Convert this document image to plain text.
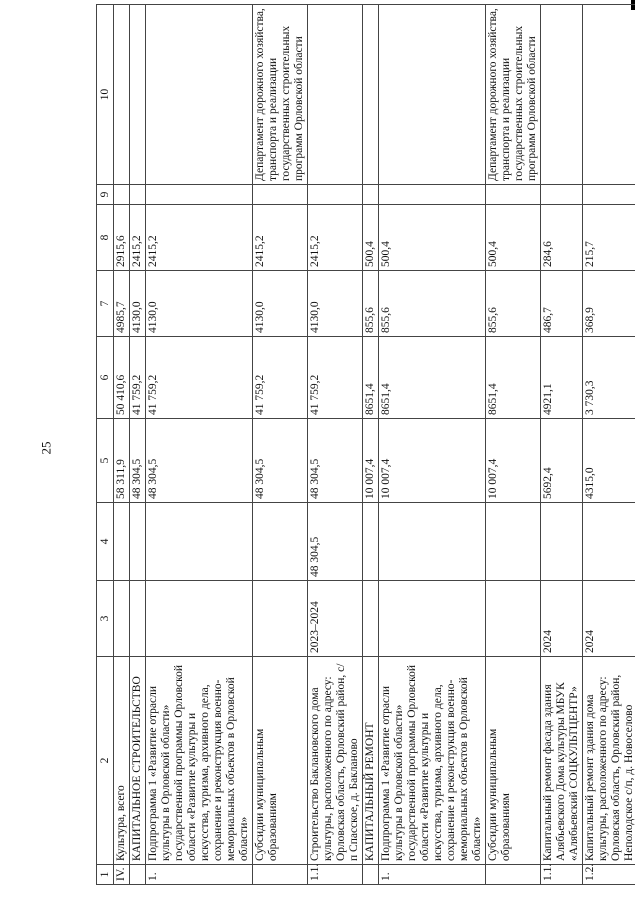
25
1	2	3	4	5	6	7	8	9	10
IV.	Культура, всего			58 311,9	50 410,6	4985,7	2915,6		
	КАПИТАЛЬНОЕ СТРОИТЕЛЬСТВО			48 304,5	41 759,2	4130,0	2415,2		
1.	Подпрограмма 1 «Развитие отрасли культуры в Орловской области» государственной программы Орловской области «Развитие культуры и искусства, туризма, архивного дела, сохранение и реконструкция военно-мемориальных объектов в Орловской области»			48 304,5	41 759,2	4130,0	2415,2		
	Субсидии муниципальным образованиям			48 304,5	41 759,2	4130,0	2415,2		Департамент дорожного хозяйства, транспорта и реализации государственных строительных программ Орловской области
1.1.	Строительство Баклановского дома культуры, расположенного по адресу: Орловская область, Орловский район, с/п Спасское, д. Бакланово	2023–2024	48 304,5	48 304,5	41 759,2	4130,0	2415,2		
	КАПИТАЛЬНЫЙ РЕМОНТ			10 007,4	8651,4	855,6	500,4		
1.	Подпрограмма 1 «Развитие отрасли культуры в Орловской области» государственной программы Орловской области «Развитие культуры и искусства, туризма, архивного дела, сохранение и реконструкция военно-мемориальных объектов в Орловской области»			10 007,4	8651,4	855,6	500,4		
	Субсидии муниципальным образованиям			10 007,4	8651,4	855,6	500,4		Департамент дорожного хозяйства, транспорта и реализации государственных строительных программ Орловской области
1.1.	Капитальный ремонт фасада здания Алябьевского Дома культуры МБУК «Алябьевский СОЦКУЛЬТЦЕНТР»	2024		5692,4	4921,1	486,7	284,6		
1.2.	Капитальный ремонт здания дома культуры, расположенного по адресу: Орловская область, Орловский район, Неполодское с/п, д. Новоселово	2024		4315,0	3 730,3	368,9	215,7		
